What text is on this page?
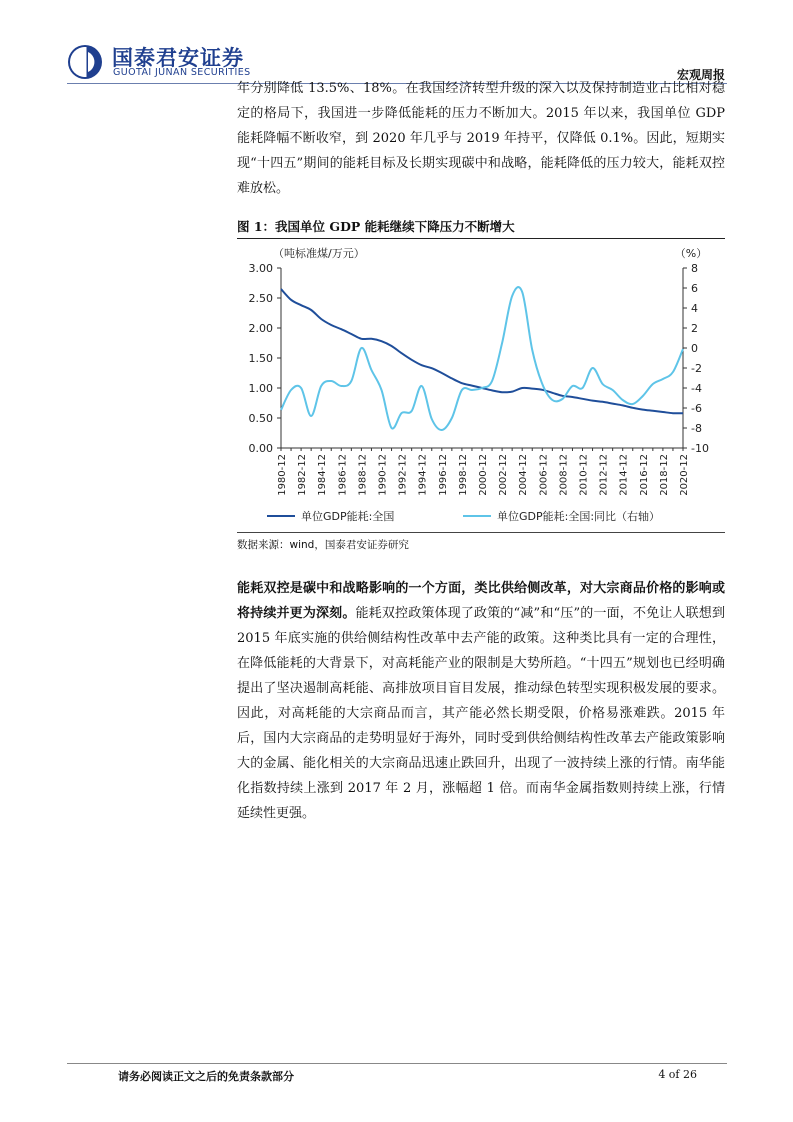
国泰君安证券
GUOTAI JUNAN SECURITIES	宏观周报

年分别降低 13.5%、18%。在我国经济转型升级的深入以及保持制造业占比相对稳定的格局下，我国进一步降低能耗的压力不断加大。2015 年以来，我国单位 GDP 能耗降幅不断收窄，到 2020 年几乎与 2019 年持平，仅降低 0.1%。因此，短期实现“十四五”期间的能耗目标及长期实现碳中和战略，能耗降低的压力较大，能耗双控难放松。

图 1：我国单位 GDP 能耗继续下降压力不断增大
（吨标准煤/万元）	（%）
0.00
0.50
1.00
1.50
2.00
2.50
3.00
-10
-8
-6
-4
-2
0
2
4
6
8
1980-12 1982-12 1984-12 1986-12 1988-12 1990-12 1992-12 1994-12 1996-12 1998-12 2000-12 2002-12 2004-12 2006-12 2008-12 2010-12 2012-12 2014-12 2016-12 2018-12 2020-12
单位GDP能耗:全国	单位GDP能耗:全国:同比（右轴）
数据来源：wind，国泰君安证券研究

能耗双控是碳中和战略影响的一个方面，类比供给侧改革，对大宗商品价格的影响或将持续并更为深刻。能耗双控政策体现了政策的“减”和“压”的一面，不免让人联想到 2015 年底实施的供给侧结构性改革中去产能的政策。这种类比具有一定的合理性，在降低能耗的大背景下，对高耗能产业的限制是大势所趋。“十四五”规划也已经明确提出了坚决遏制高耗能、高排放项目盲目发展，推动绿色转型实现积极发展的要求。因此，对高耗能的大宗商品而言，其产能必然长期受限，价格易涨难跌。2015 年后，国内大宗商品的走势明显好于海外，同时受到供给侧结构性改革去产能政策影响大的金属、能化相关的大宗商品迅速止跌回升，出现了一波持续上涨的行情。南华能化指数持续上涨到 2017 年 2 月，涨幅超 1 倍。而南华金属指数则持续上涨，行情延续性更强。

请务必阅读正文之后的免责条款部分	4 of 26
